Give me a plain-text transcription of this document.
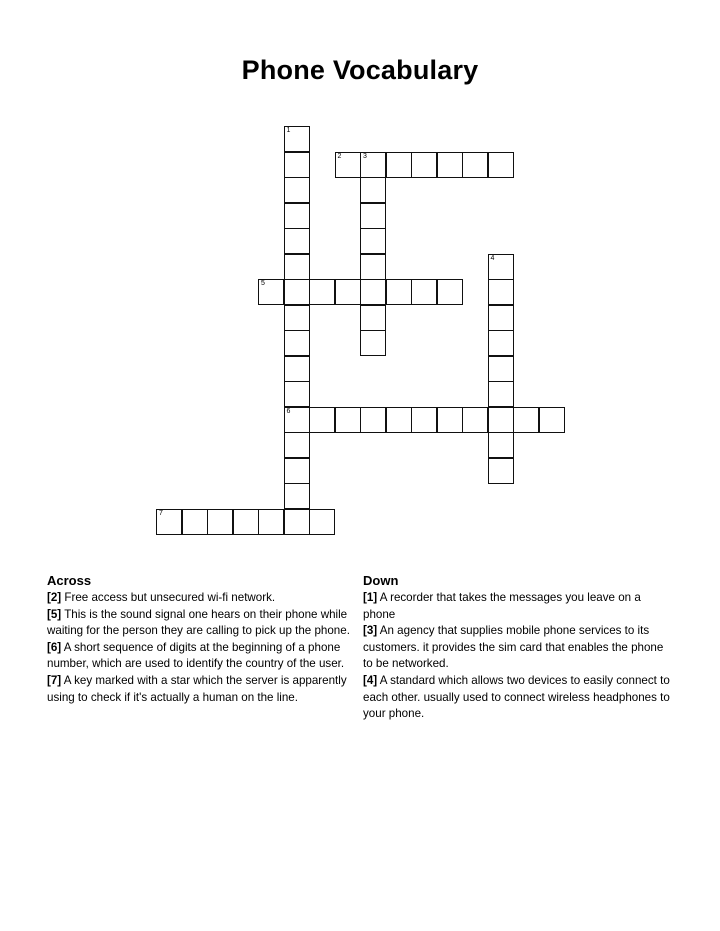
Phone Vocabulary
1
6
2	3
4
5
7
Across

[2] Free access but unsecured wi-fi network.

[5] This is the sound signal one hears on their phone while waiting for the person they are calling to pick up the phone.

[6] A short sequence of digits at the beginning of a phone number, which are used to identify the country of the user.

[7] A key marked with a star which the server is apparently using to check if it's actually a human on the line.

Down

[1] A recorder that takes the messages you leave on a phone

[3] An agency that supplies mobile phone services to its customers. it provides the sim card that enables the phone to be networked.

[4] A standard which allows two devices to easily connect to each other. usually used to connect wireless headphones to your phone.
